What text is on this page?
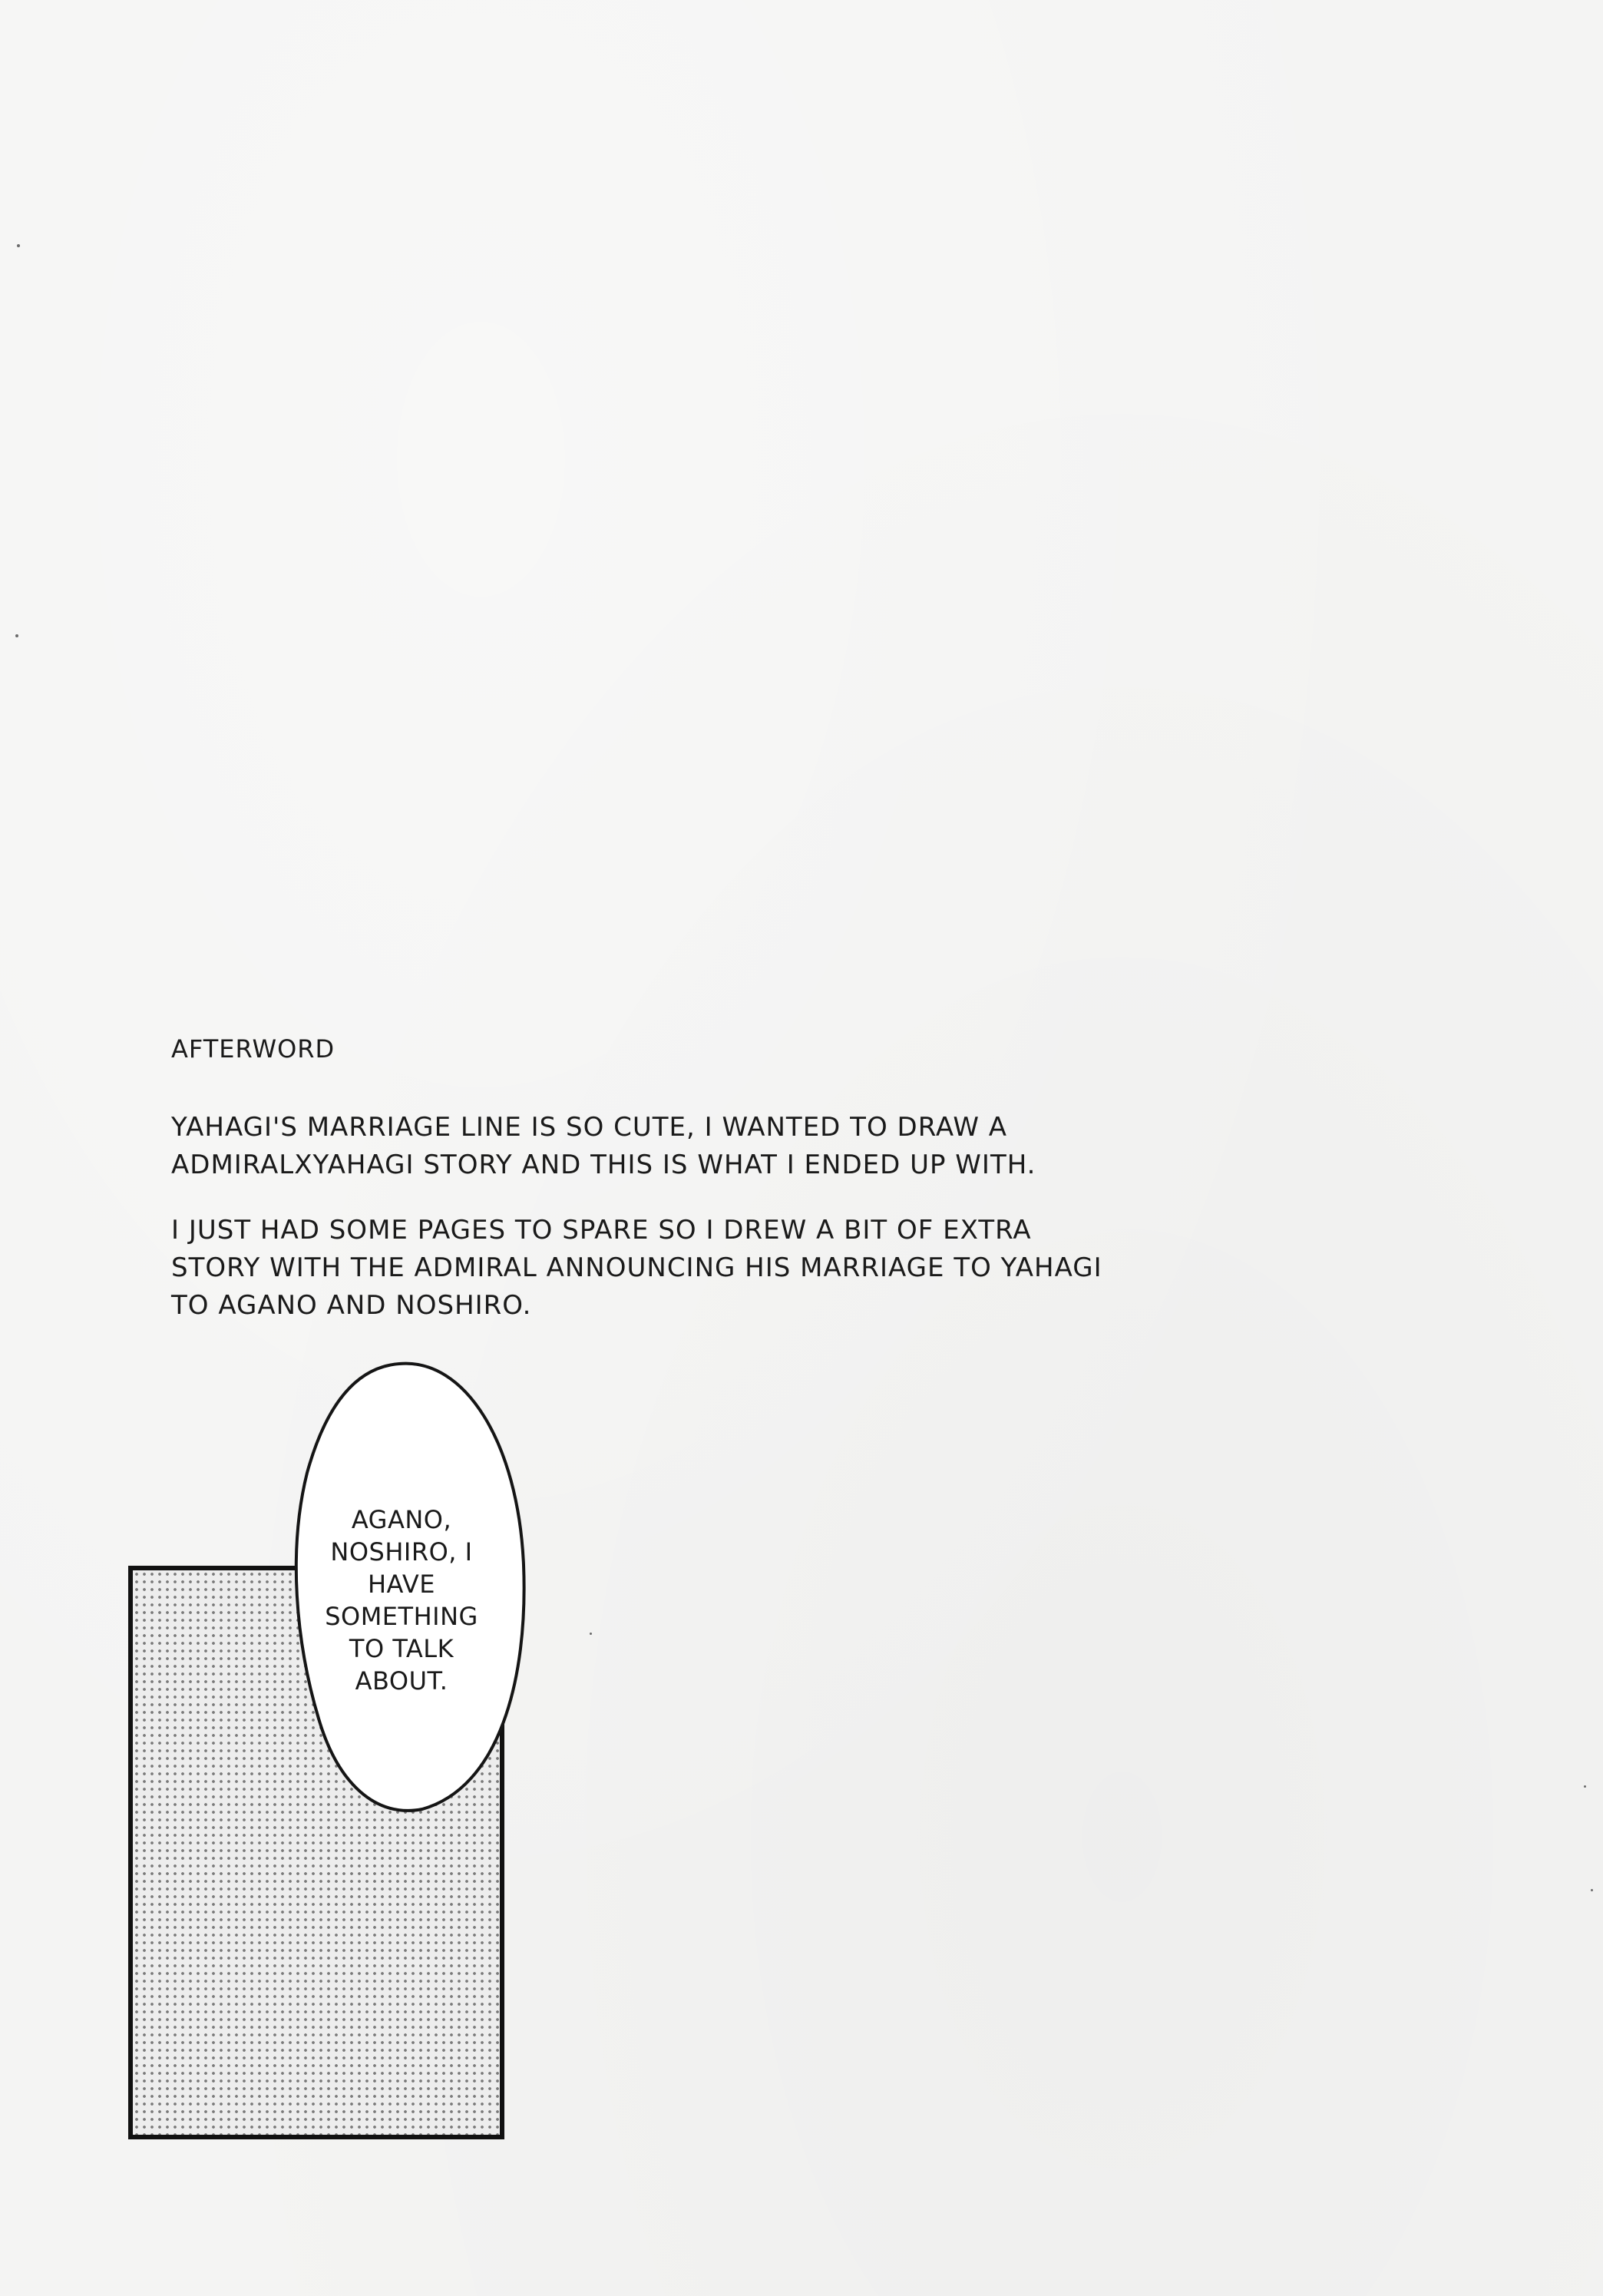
AFTERWORD
YAHAGI'S MARRIAGE LINE IS SO CUTE, I WANTED TO DRAW A
ADMIRALXYAHAGI STORY AND THIS IS WHAT I ENDED UP WITH.
I JUST HAD SOME PAGES TO SPARE SO I DREW A BIT OF EXTRA
STORY WITH THE ADMIRAL ANNOUNCING HIS MARRIAGE TO YAHAGI
TO AGANO AND NOSHIRO.
AGANO,
NOSHIRO, I
HAVE
SOMETHING
TO TALK
ABOUT.
